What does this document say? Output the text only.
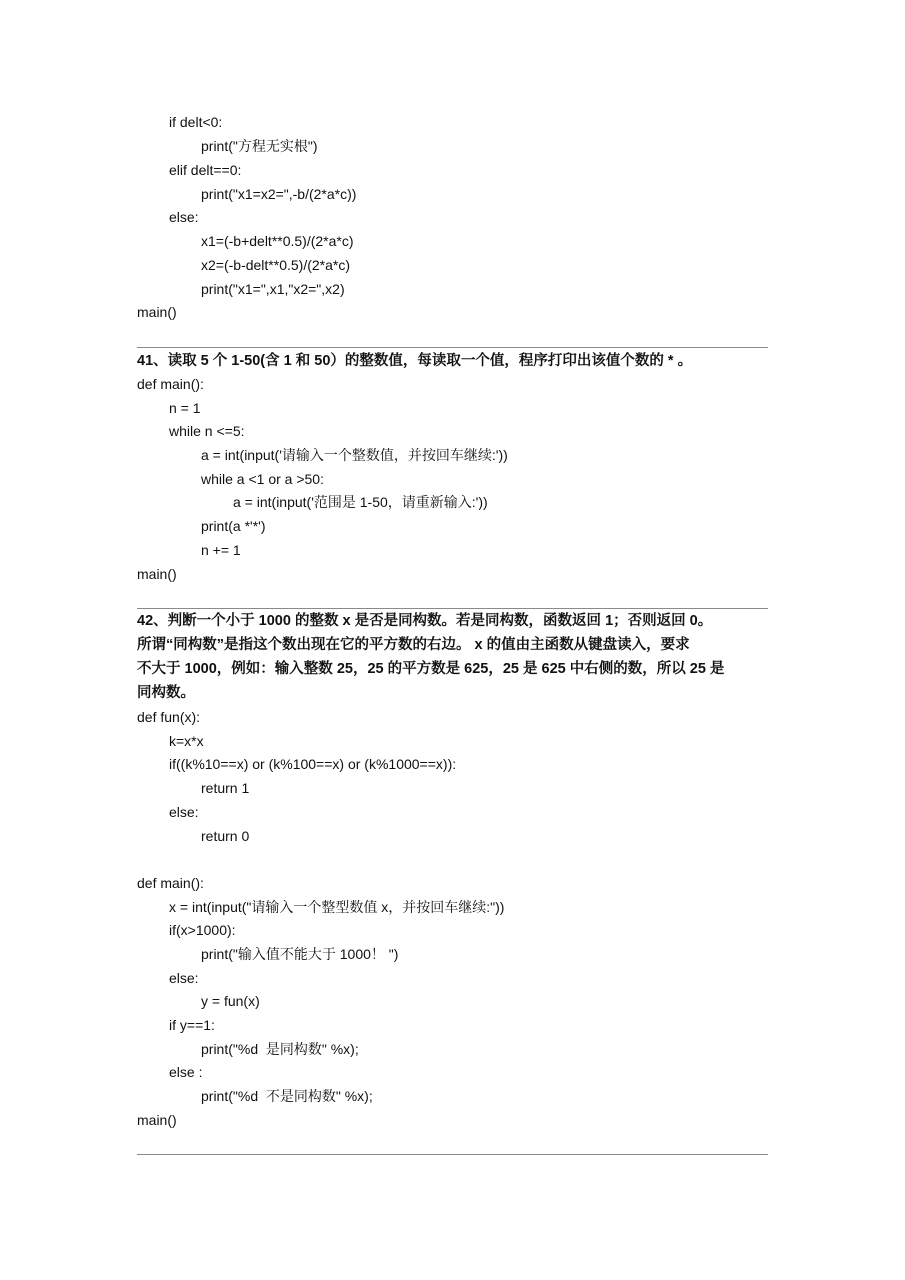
if delt<0:
print("方程无实根")
elif delt==0:
print("x1=x2=",-b/(2*a*c))
else:
x1=(-b+delt**0.5)/(2*a*c)
x2=(-b-delt**0.5)/(2*a*c)
print("x1=",x1,"x2=",x2)
main()
41、读取 5 个 1-50(含 1 和 50）的整数值，每读取一个值，程序打印出该值个数的 * 。
def main():
n = 1
while n <=5:
a = int(input('请输入一个整数值，并按回车继续:'))
while a <1 or a >50:
a = int(input('范围是 1-50，请重新输入:'))
print(a *'*')
n += 1
main()
42、判断一个小于 1000 的整数 x 是否是同构数。若是同构数，函数返回 1；否则返回 0。
所谓“同构数”是指这个数出现在它的平方数的右边。 x 的值由主函数从键盘读入，要求
不大于 1000，例如：输入整数 25，25 的平方数是 625，25 是 625 中右侧的数，所以 25 是
同构数。
def fun(x):
k=x*x
if((k%10==x) or (k%100==x) or (k%1000==x)):
return 1
else:
return 0
def main():
x = int(input("请输入一个整型数值 x，并按回车继续:"))
if(x>1000):
print("输入值不能大于 1000！ ")
else:
y = fun(x)
if y==1:
print("%d  是同构数" %x);
else :
print("%d  不是同构数" %x);
main()
